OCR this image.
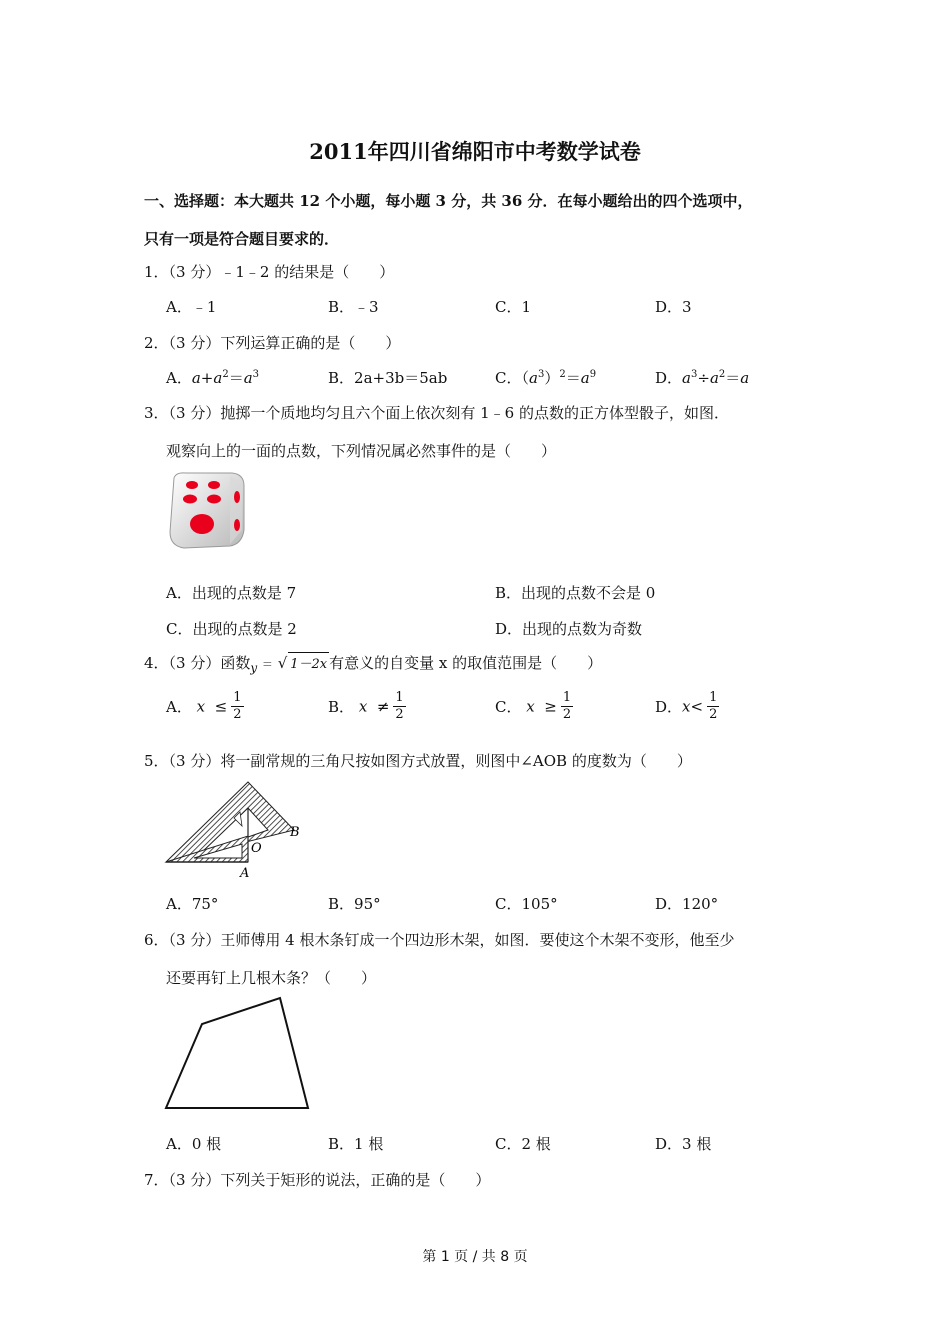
2011年四川省绵阳市中考数学试卷
一、选择题：本大题共 12 个小题，每小题 3 分，共 36 分．在每小题给出的四个选项中，
只有一项是符合题目要求的．
1．（3 分）﹣1﹣2 的结果是（　　）
A．﹣1	B．﹣3	C．1	D．3
2．（3 分）下列运算正确的是（　　）
A．$a+a^2=a^3$	B．2a+3b＝5ab	C．$(a^3)^2=a^9$	D．$a^3\div a^2=a$
3．（3 分）抛掷一个质地均匀且六个面上依次刻有 1﹣6 的点数的正方体型骰子，如图．
观察向上的一面的点数，下列情况属必然事件的是（　　）
A．出现的点数是 7	B．出现的点数不会是 0
C．出现的点数是 2	D．出现的点数为奇数
4．（3 分）函数$_y$ ＝ √ 1－2x 有意义的自变量 x 的取值范围是（　　）
A． $x \le \frac{1}{2}$	B． $x \ne \frac{1}{2}$	C． $x \ge \frac{1}{2}$	D．$x< \frac{1}{2}$
5．（3 分）将一副常规的三角尺按如图方式放置，则图中∠AOB 的度数为（　　）
B
O
A
A．75°	B．95°	C．105°	D．120°
6．（3 分）王师傅用 4 根木条钉成一个四边形木架，如图．要使这个木架不变形，他至少
还要再钉上几根木条？（　　）
A．0 根	B．1 根	C．2 根	D．3 根
7．（3 分）下列关于矩形的说法，正确的是（　　）
第 1 页 / 共 8 页
